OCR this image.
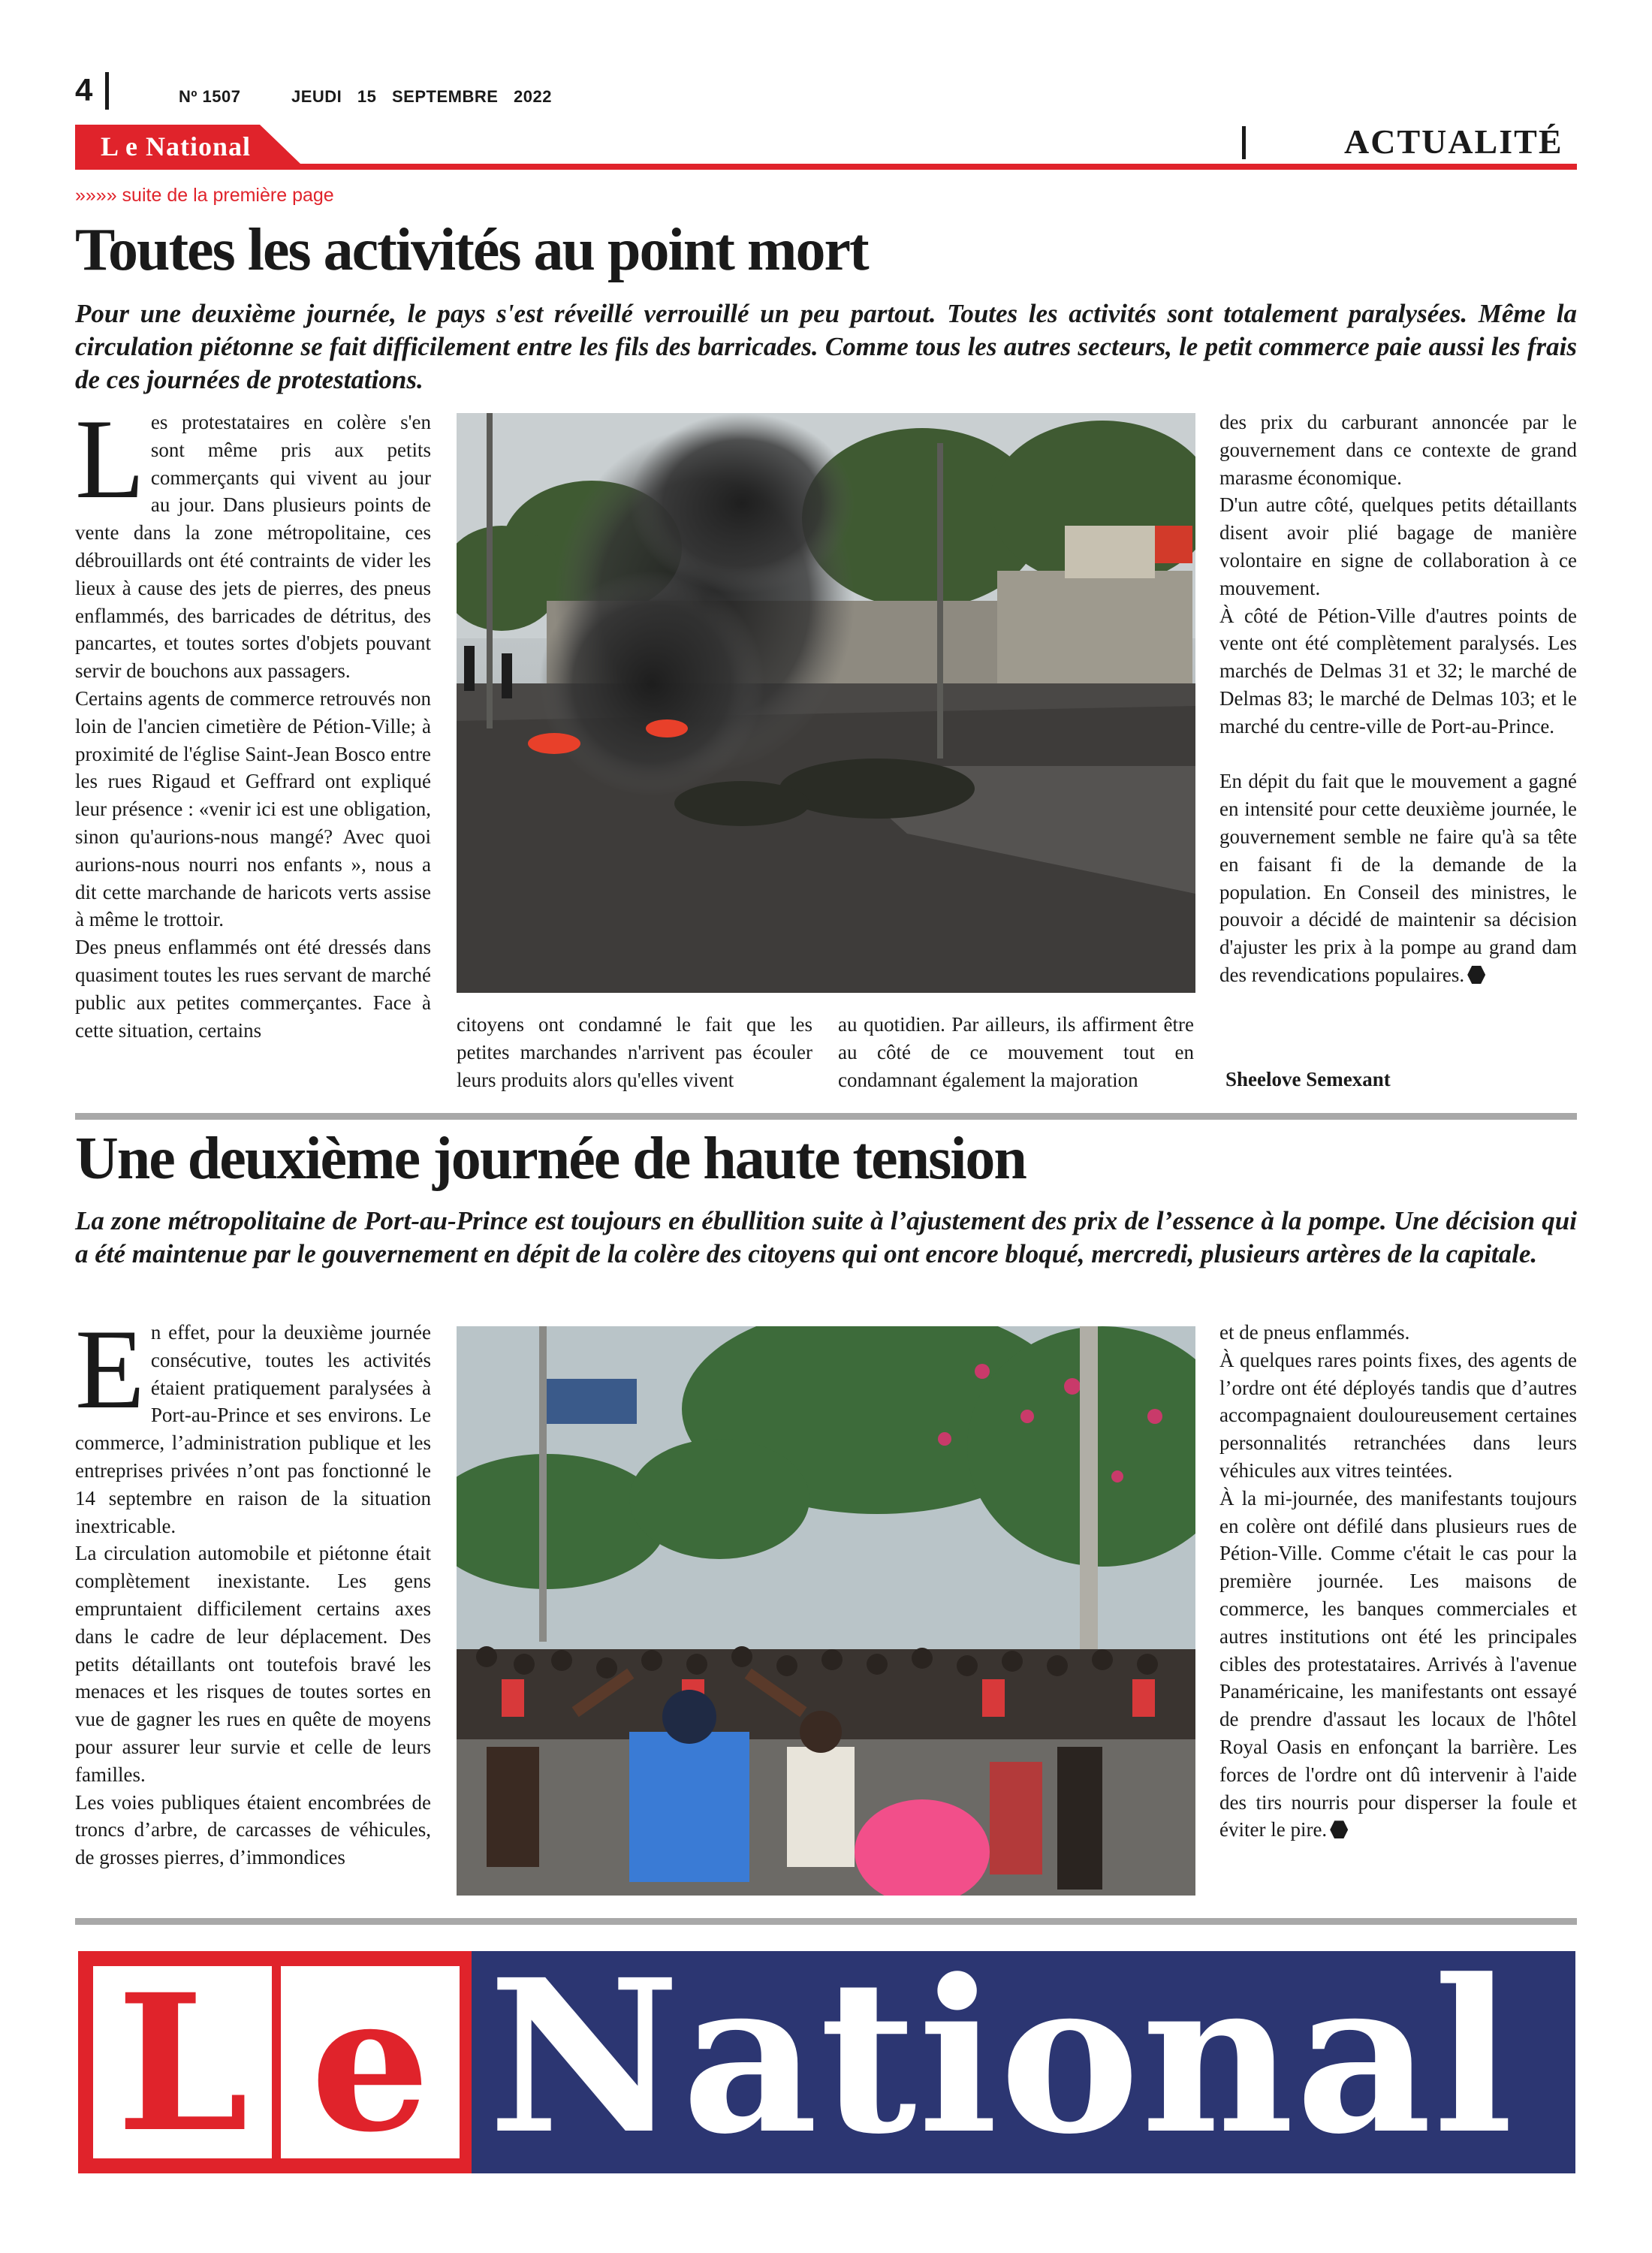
4	Nº 1507	JEUDI 15 SEPTEMBRE 2022
L e National	ACTUALITÉ
»»»» suite de la première page
Toutes les activités au point mort

Pour une deuxième journée, le pays s'est réveillé verrouillé un peu partout. Toutes les activités sont totalement paralysées. Même la circulation piétonne se fait difficilement entre les fils des barricades. Comme tous les autres secteurs, le petit commerce paie aussi les frais de ces journées de protestations.

L es protestataires en colère s'en sont même pris aux petits commerçants qui vivent au jour au jour. Dans plusieurs points de vente dans la zone métropolitaine, ces débrouillards ont été contraints de vider les lieux à cause des jets de pierres, des pneus enflammés, des barricades de détritus, des pancartes, et toutes sortes d'objets pouvant servir de bouchons aux passagers.

Certains agents de commerce retrouvés non loin de l'ancien cimetière de Pétion-Ville; à proximité de l'église Saint-Jean Bosco entre les rues Rigaud et Geffrard ont expliqué leur présence : «venir ici est une obligation, sinon qu'aurions-nous mangé? Avec quoi aurions-nous nourri nos enfants », nous a dit cette marchande de haricots verts assise à même le trottoir.

Des pneus enflammés ont été dressés dans quasiment toutes les rues servant de marché public aux petites commerçantes. Face à cette situation, certains	citoyens ont condamné le fait que les petites marchandes n'arrivent pas écouler leurs produits alors qu'elles vivent

au quotidien. Par ailleurs, ils affirment être au côté de ce mouvement tout en condamnant également la majoration

des prix du carburant annoncée par le gouvernement dans ce contexte de grand marasme économique.

D'un autre côté, quelques petits détaillants disent avoir plié bagage de manière volontaire en signe de collaboration à ce mouvement.

À côté de Pétion-Ville d'autres points de vente ont été complètement paralysés. Les marchés de Delmas 31 et 32; le marché de Delmas 83; le marché de Delmas 103; et le marché du centre-ville de Port-au-Prince.

En dépit du fait que le mouvement a gagné en intensité pour cette deuxième journée, le gouvernement semble ne faire qu'à sa tête en faisant fi de la demande de la population. En Conseil des ministres, le pouvoir a décidé de maintenir sa décision d'ajuster les prix à la pompe au grand dam des revendications populaires.

Sheelove Semexant
Une deuxième journée de haute tension

La zone métropolitaine de Port-au-Prince est toujours en ébullition suite à l’ajustement des prix de l’essence à la pompe. Une décision qui a été maintenue par le gouvernement en dépit de la colère des citoyens qui ont encore bloqué, mercredi, plusieurs artères de la capitale.

E n effet, pour la deuxième journée consécutive, toutes les activités étaient pratiquement paralysées à Port-au-Prince et ses environs. Le commerce, l’administration publique et les entreprises privées n’ont pas fonctionné le 14 septembre en raison de la situation inextricable.

La circulation automobile et piétonne était complètement inexistante. Les gens empruntaient difficilement certains axes dans le cadre de leur déplacement. Des petits détaillants ont toutefois bravé les menaces et les risques de toutes sortes en vue de gagner les rues en quête de moyens pour assurer leur survie et celle de leurs familles.

Les voies publiques étaient encombrées de troncs d’arbre, de carcasses de véhicules, de grosses pierres, d’immondices

et de pneus enflammés.

À quelques rares points fixes, des agents de l’ordre ont été déployés tandis que d’autres accompagnaient douloureusement certaines personnalités retranchées dans leurs véhicules aux vitres teintées.

À la mi-journée, des manifestants toujours en colère ont défilé dans plusieurs rues de Pétion-Ville. Comme c'était le cas pour la première journée. Les maisons de commerce, les banques commerciales et autres institutions ont été les principales cibles des protestataires. Arrivés à l'avenue Panaméricaine, les manifestants ont essayé de prendre d'assaut les locaux de l'hôtel Royal Oasis en enfonçant la barrière. Les forces de l'ordre ont dû intervenir à l'aide des tirs nourris pour disperser la foule et éviter le pire.

L e National
